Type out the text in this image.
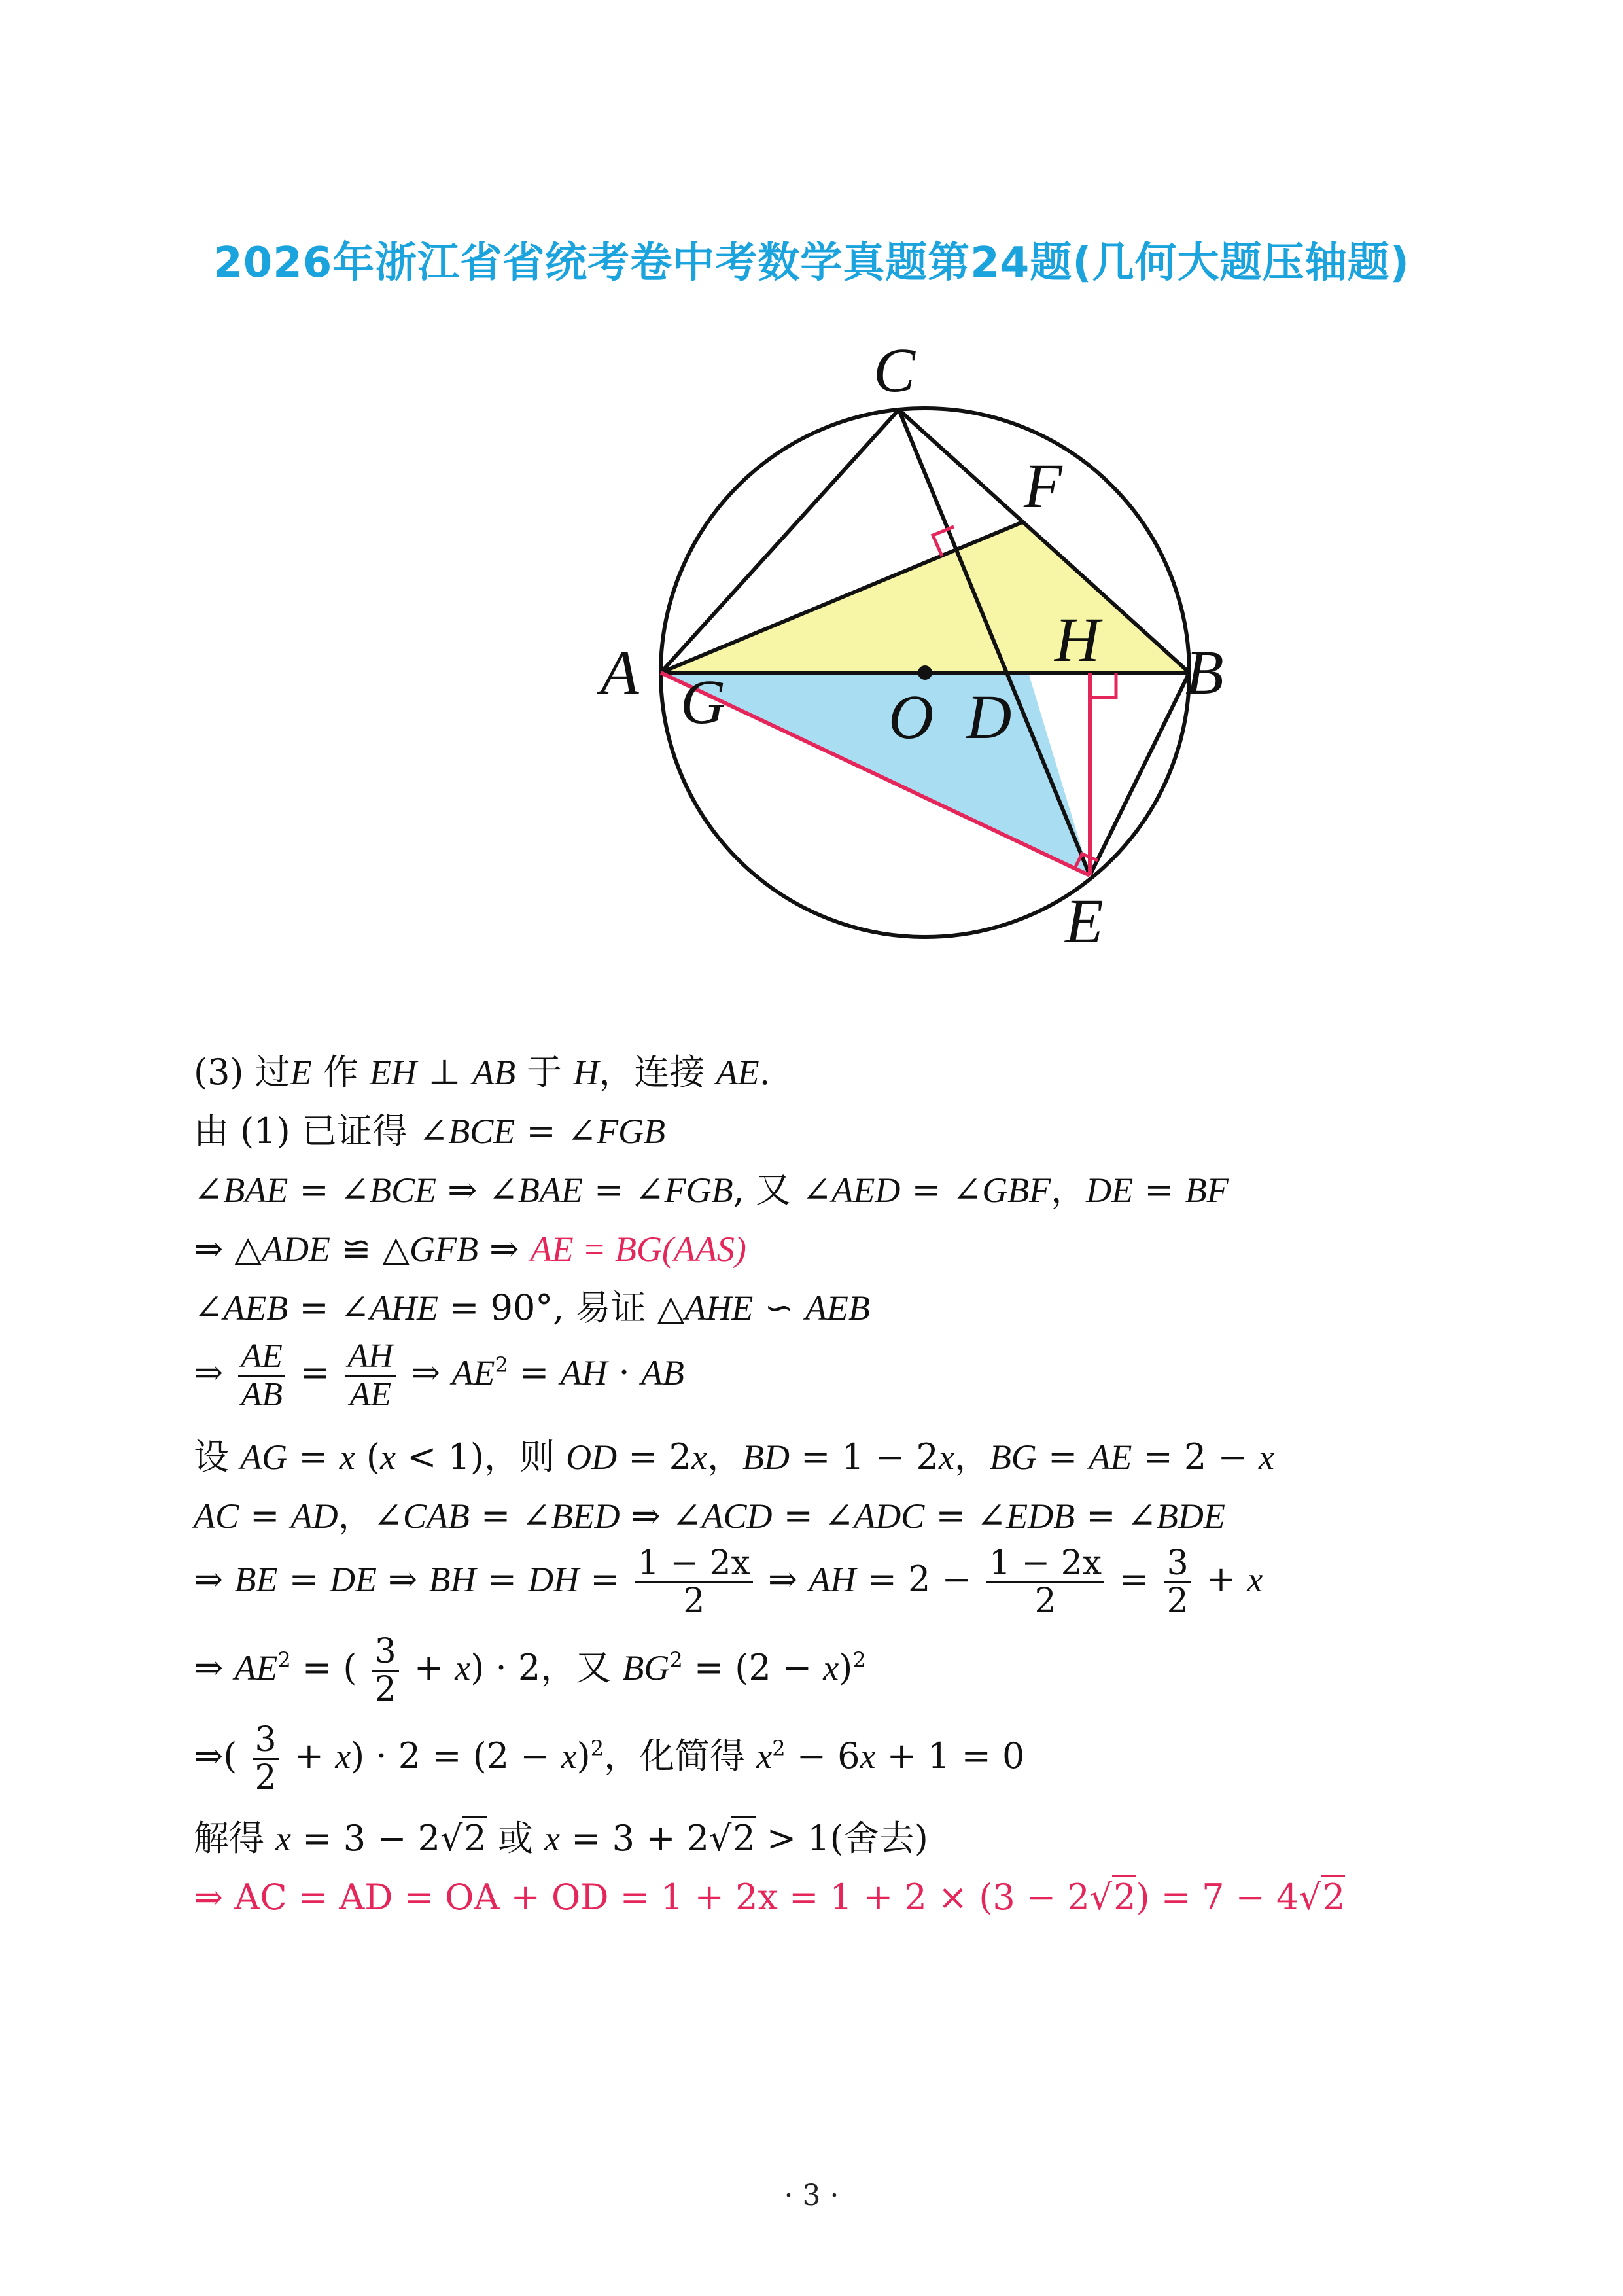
2026年浙江省省统考卷中考数学真题第24题(几何大题压轴题)
C
F
A G	O D
H B
E
(3) 过E 作 EH ⊥ AB 于 H，连接 AE.
由 (1) 已证得 ∠BCE = ∠FGB
∠BAE = ∠BCE ⇒ ∠BAE = ∠FGB, 又 ∠AED = ∠GBF，DE = BF
⇒ △ADE ≌ △GFB ⇒ AE = BG(AAS)
∠AEB = ∠AHE = 90°, 易证 △AHE ∽ AEB
⇒ $\frac{AE}{AB} = \frac{AH}{AE}$ ⇒ $AE^2$ = AH · AB
设 AG = x (x < 1)，则 OD = 2x，BD = 1 − 2x，BG = AE = 2 − x
AC = AD，∠CAB = ∠BED ⇒ ∠ACD = ∠ADC = ∠EDB = ∠BDE
⇒ BE = DE ⇒ BH = DH = $\frac{1 - 2x}{2}$ ⇒ AH = $2 - \frac{1 - 2x}{2} = \frac{3}{2} + x$
⇒ $AE^2$ = ( $\frac{3}{2} + x) \cdot 2$，又 $BG^2 = (2 - x)^2$
⇒( $\frac{3}{2} + x) \cdot 2 = (2 - x)^2$，化简得 $x^2 - 6x + 1 = 0$
解得 x = 3 − 2√2 或 x = 3 + 2√2 > 1(舍去)
⇒ AC = AD = OA + OD = 1 + 2x = 1 + 2 × (3 − 2√2) = 7 − 4√2
· 3 ·
